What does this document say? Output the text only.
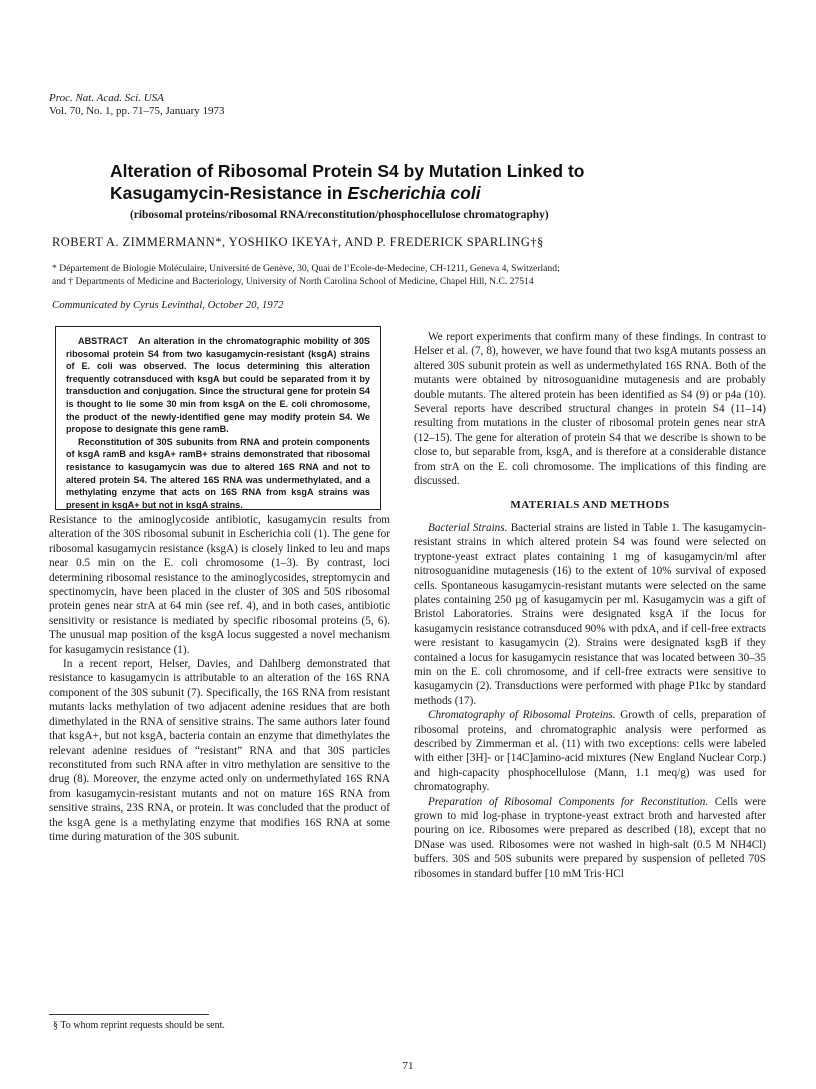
Proc. Nat. Acad. Sci. USA
Vol. 70, No. 1, pp. 71–75, January 1973
Alteration of Ribosomal Protein S4 by Mutation Linked to
Kasugamycin-Resistance in Escherichia coli
(ribosomal proteins/ribosomal RNA/reconstitution/phosphocellulose chromatography)
ROBERT A. ZIMMERMANN*, YOSHIKO IKEYA†, AND P. FREDERICK SPARLING†§
* Département de Biologie Moléculaire, Université de Genève, 30, Quai de l’Ecole-de-Medecine, CH-1211, Geneva 4, Switzerland;
and † Departments of Medicine and Bacteriology, University of North Carolina School of Medicine, Chapel Hill, N.C. 27514
Communicated by Cyrus Levinthal, October 20, 1972

ABSTRACT An alteration in the chromatographic mobility of 30S ribosomal protein S4 from two kasugamycin-resistant (ksgA) strains of E. coli was observed. The locus determining this alteration frequently cotransduced with ksgA but could be separated from it by transduction and conjugation. Since the structural gene for protein S4 is thought to lie some 30 min from ksgA on the E. coli chromosome, the product of the newly-identified gene may modify protein S4. We propose to designate this gene ramB.

Reconstitution of 30S subunits from RNA and protein components of ksgA ramB and ksgA+ ramB+ strains demonstrated that ribosomal resistance to kasugamycin was due to altered 16S RNA and not to altered protein S4. The altered 16S RNA was undermethylated, and a methylating enzyme that acts on 16S RNA from ksgA strains was present in ksgA+ but not in ksgA strains.

Resistance to the aminoglycoside antibiotic, kasugamycin results from alteration of the 30S ribosomal subunit in Escherichia coli (1). The gene for ribosomal kasugamycin resistance (ksgA) is closely linked to leu and maps near 0.5 min on the E. coli chromosome (1–3). By contrast, loci determining ribosomal resistance to the aminoglycosides, streptomycin and spectinomycin, have been placed in the cluster of 30S and 50S ribosomal protein genes near strA at 64 min (see ref. 4), and in both cases, antibiotic sensitivity or resistance is mediated by specific ribosomal proteins (5, 6). The unusual map position of the ksgA locus suggested a novel mechanism for kasugamycin resistance (1).

In a recent report, Helser, Davies, and Dahlberg demonstrated that resistance to kasugamycin is attributable to an alteration of the 16S RNA component of the 30S subunit (7). Specifically, the 16S RNA from resistant mutants lacks methylation of two adjacent adenine residues that are both dimethylated in the RNA of sensitive strains. The same authors later found that ksgA+, but not ksgA, bacteria contain an enzyme that dimethylates the relevant adenine residues of “resistant” RNA and that 30S particles reconstituted from such RNA after in vitro methylation are sensitive to the drug (8). Moreover, the enzyme acted only on undermethylated 16S RNA from kasugamycin-resistant mutants and not on mature 16S RNA from sensitive strains, 23S RNA, or protein. It was concluded that the product of the ksgA gene is a methylating enzyme that modifies 16S RNA at some time during maturation of the 30S subunit.

We report experiments that confirm many of these findings. In contrast to Helser et al. (7, 8), however, we have found that two ksgA mutants possess an altered 30S subunit protein as well as undermethylated 16S RNA. Both of the mutants were obtained by nitrosoguanidine mutagenesis and are probably double mutants. The altered protein has been identified as S4 (9) or p4a (10). Several reports have described structural changes in protein S4 (11–14) resulting from mutations in the cluster of ribosomal protein genes near strA (12–15). The gene for alteration of protein S4 that we describe is shown to be close to, but separable from, ksgA, and is therefore at a considerable distance from strA on the E. coli chromosome. The implications of this finding are discussed.

MATERIALS AND METHODS

Bacterial Strains. Bacterial strains are listed in Table 1. The kasugamycin-resistant strains in which altered protein S4 was found were selected on tryptone-yeast extract plates containing 1 mg of kasugamycin/ml after nitrosoguanidine mutagenesis (16) to the extent of 10% survival of exposed cells. Spontaneous kasugamycin-resistant mutants were selected on the same plates containing 250 µg of kasugamycin per ml. Kasugamycin was a gift of Bristol Laboratories. Strains were designated ksgA if the locus for kasugamycin resistance cotransduced 90% with pdxA, and if cell-free extracts were resistant to kasugamycin (2). Strains were designated ksgB if they contained a locus for kasugamycin resistance that was located between 30–35 min on the E. coli chromosome, and if cell-free extracts were sensitive to kasugamycin (2). Transductions were performed with phage P1kc by standard methods (17).

Chromatography of Ribosomal Proteins. Growth of cells, preparation of ribosomal proteins, and chromatographic analysis were performed as described by Zimmerman et al. (11) with two exceptions: cells were labeled with either [3H]- or [14C]amino-acid mixtures (New England Nuclear Corp.) and high-capacity phosphocellulose (Mann, 1.1 meq/g) was used for chromatography.

Preparation of Ribosomal Components for Reconstitution. Cells were grown to mid log-phase in tryptone-yeast extract broth and harvested after pouring on ice. Ribosomes were prepared as described (18), except that no DNase was used. Ribosomes were not washed in high-salt (0.5 M NH4Cl) buffers. 30S and 50S subunits were prepared by suspension of pelleted 70S ribosomes in standard buffer [10 mM Tris·HCl

§ To whom reprint requests should be sent.
71
